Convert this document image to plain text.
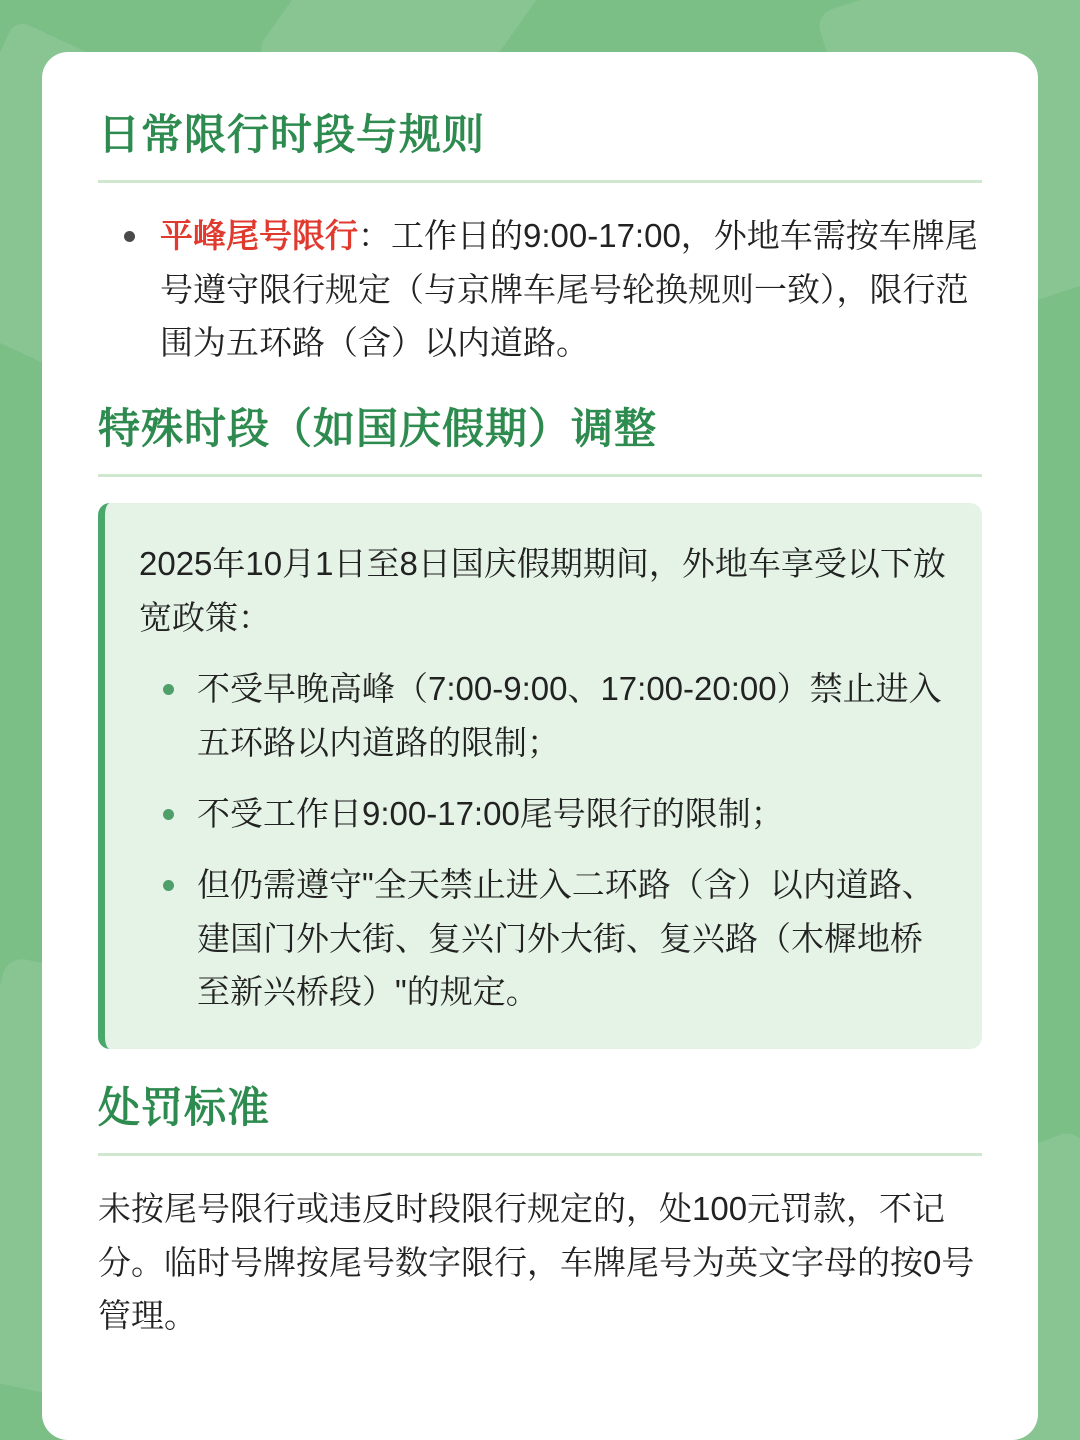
日常限行时段与规则
平峰尾号限行：工作日的9:00-17:00，外地车需按车牌尾号遵守限行规定（与京牌车尾号轮换规则一致），限行范围为五环路（含）以内道路。
特殊时段（如国庆假期）调整

2025年10月1日至8日国庆假期期间，外地车享受以下放宽政策：

不受早晚高峰（7:00-9:00、17:00-20:00）禁止进入五环路以内道路的限制；
不受工作日9:00-17:00尾号限行的限制；
但仍需遵守"全天禁止进入二环路（含）以内道路、建国门外大街、复兴门外大街、复兴路（木樨地桥至新兴桥段）"的规定。
处罚标准

未按尾号限行或违反时段限行规定的，处100元罚款，不记分。临时号牌按尾号数字限行，车牌尾号为英文字母的按0号管理。
